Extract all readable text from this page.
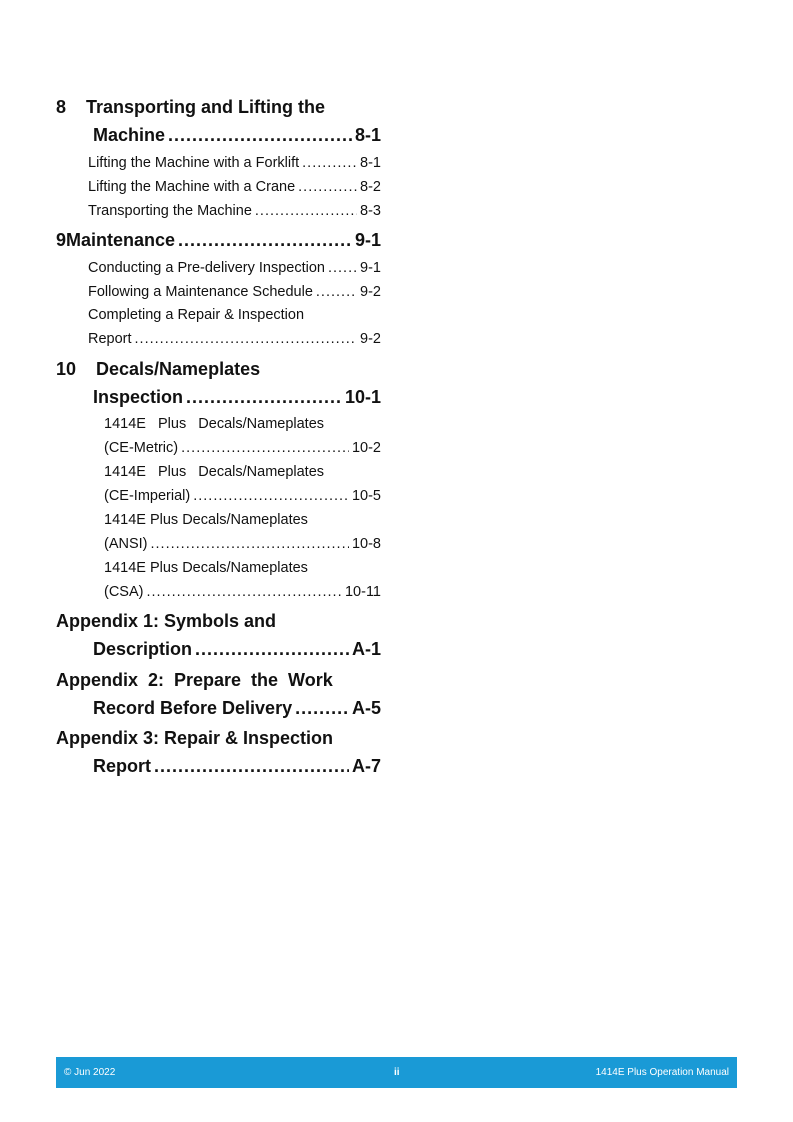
8	Transporting and Lifting the
Machine .....	8-1
Lifting the Machine with a Forklift .....	8-1
Lifting the Machine with a Crane .....	8-2
Transporting the Machine .....	8-3
9 Maintenance .....	9-1
Conducting a Pre-delivery Inspection ..... 9-1
Following a Maintenance Schedule .....	9-2
Completing a Repair & Inspection
Report .....	9-2
10	Decals/Nameplates
Inspection .....	10-1
1414E   Plus   Decals/Nameplates
(CE-Metric) .....	10-2
1414E   Plus   Decals/Nameplates
(CE-Imperial) .....	10-5
1414E Plus Decals/Nameplates
(ANSI) .....	10-8
1414E Plus Decals/Nameplates
(CSA) .....	10-11
Appendix 1: Symbols and
Description .....	A-1
Appendix  2:  Prepare  the  Work
Record Before Delivery .....	A-5
Appendix 3: Repair & Inspection
Report .....	A-7
© Jun 2022	ii	1414E Plus Operation Manual
